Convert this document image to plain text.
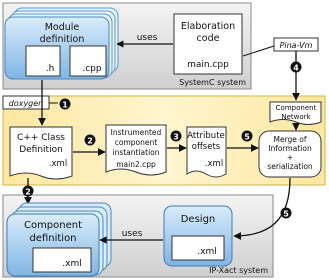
SystemC system
Module
definition
.h	.cpp
uses
Elaboration
code
main.cpp
Pina-Vm
doxygen 1
C++ Class
Definition
.xml
2
Instrumented
component
instantiation
main2.cpp
3 Attribute
offsets
.xml
5
Component
Network
4
Merge of
Information
+
serialization
IP-Xact system
2
Component
definition
.xml
uses
Design
.xml
5
